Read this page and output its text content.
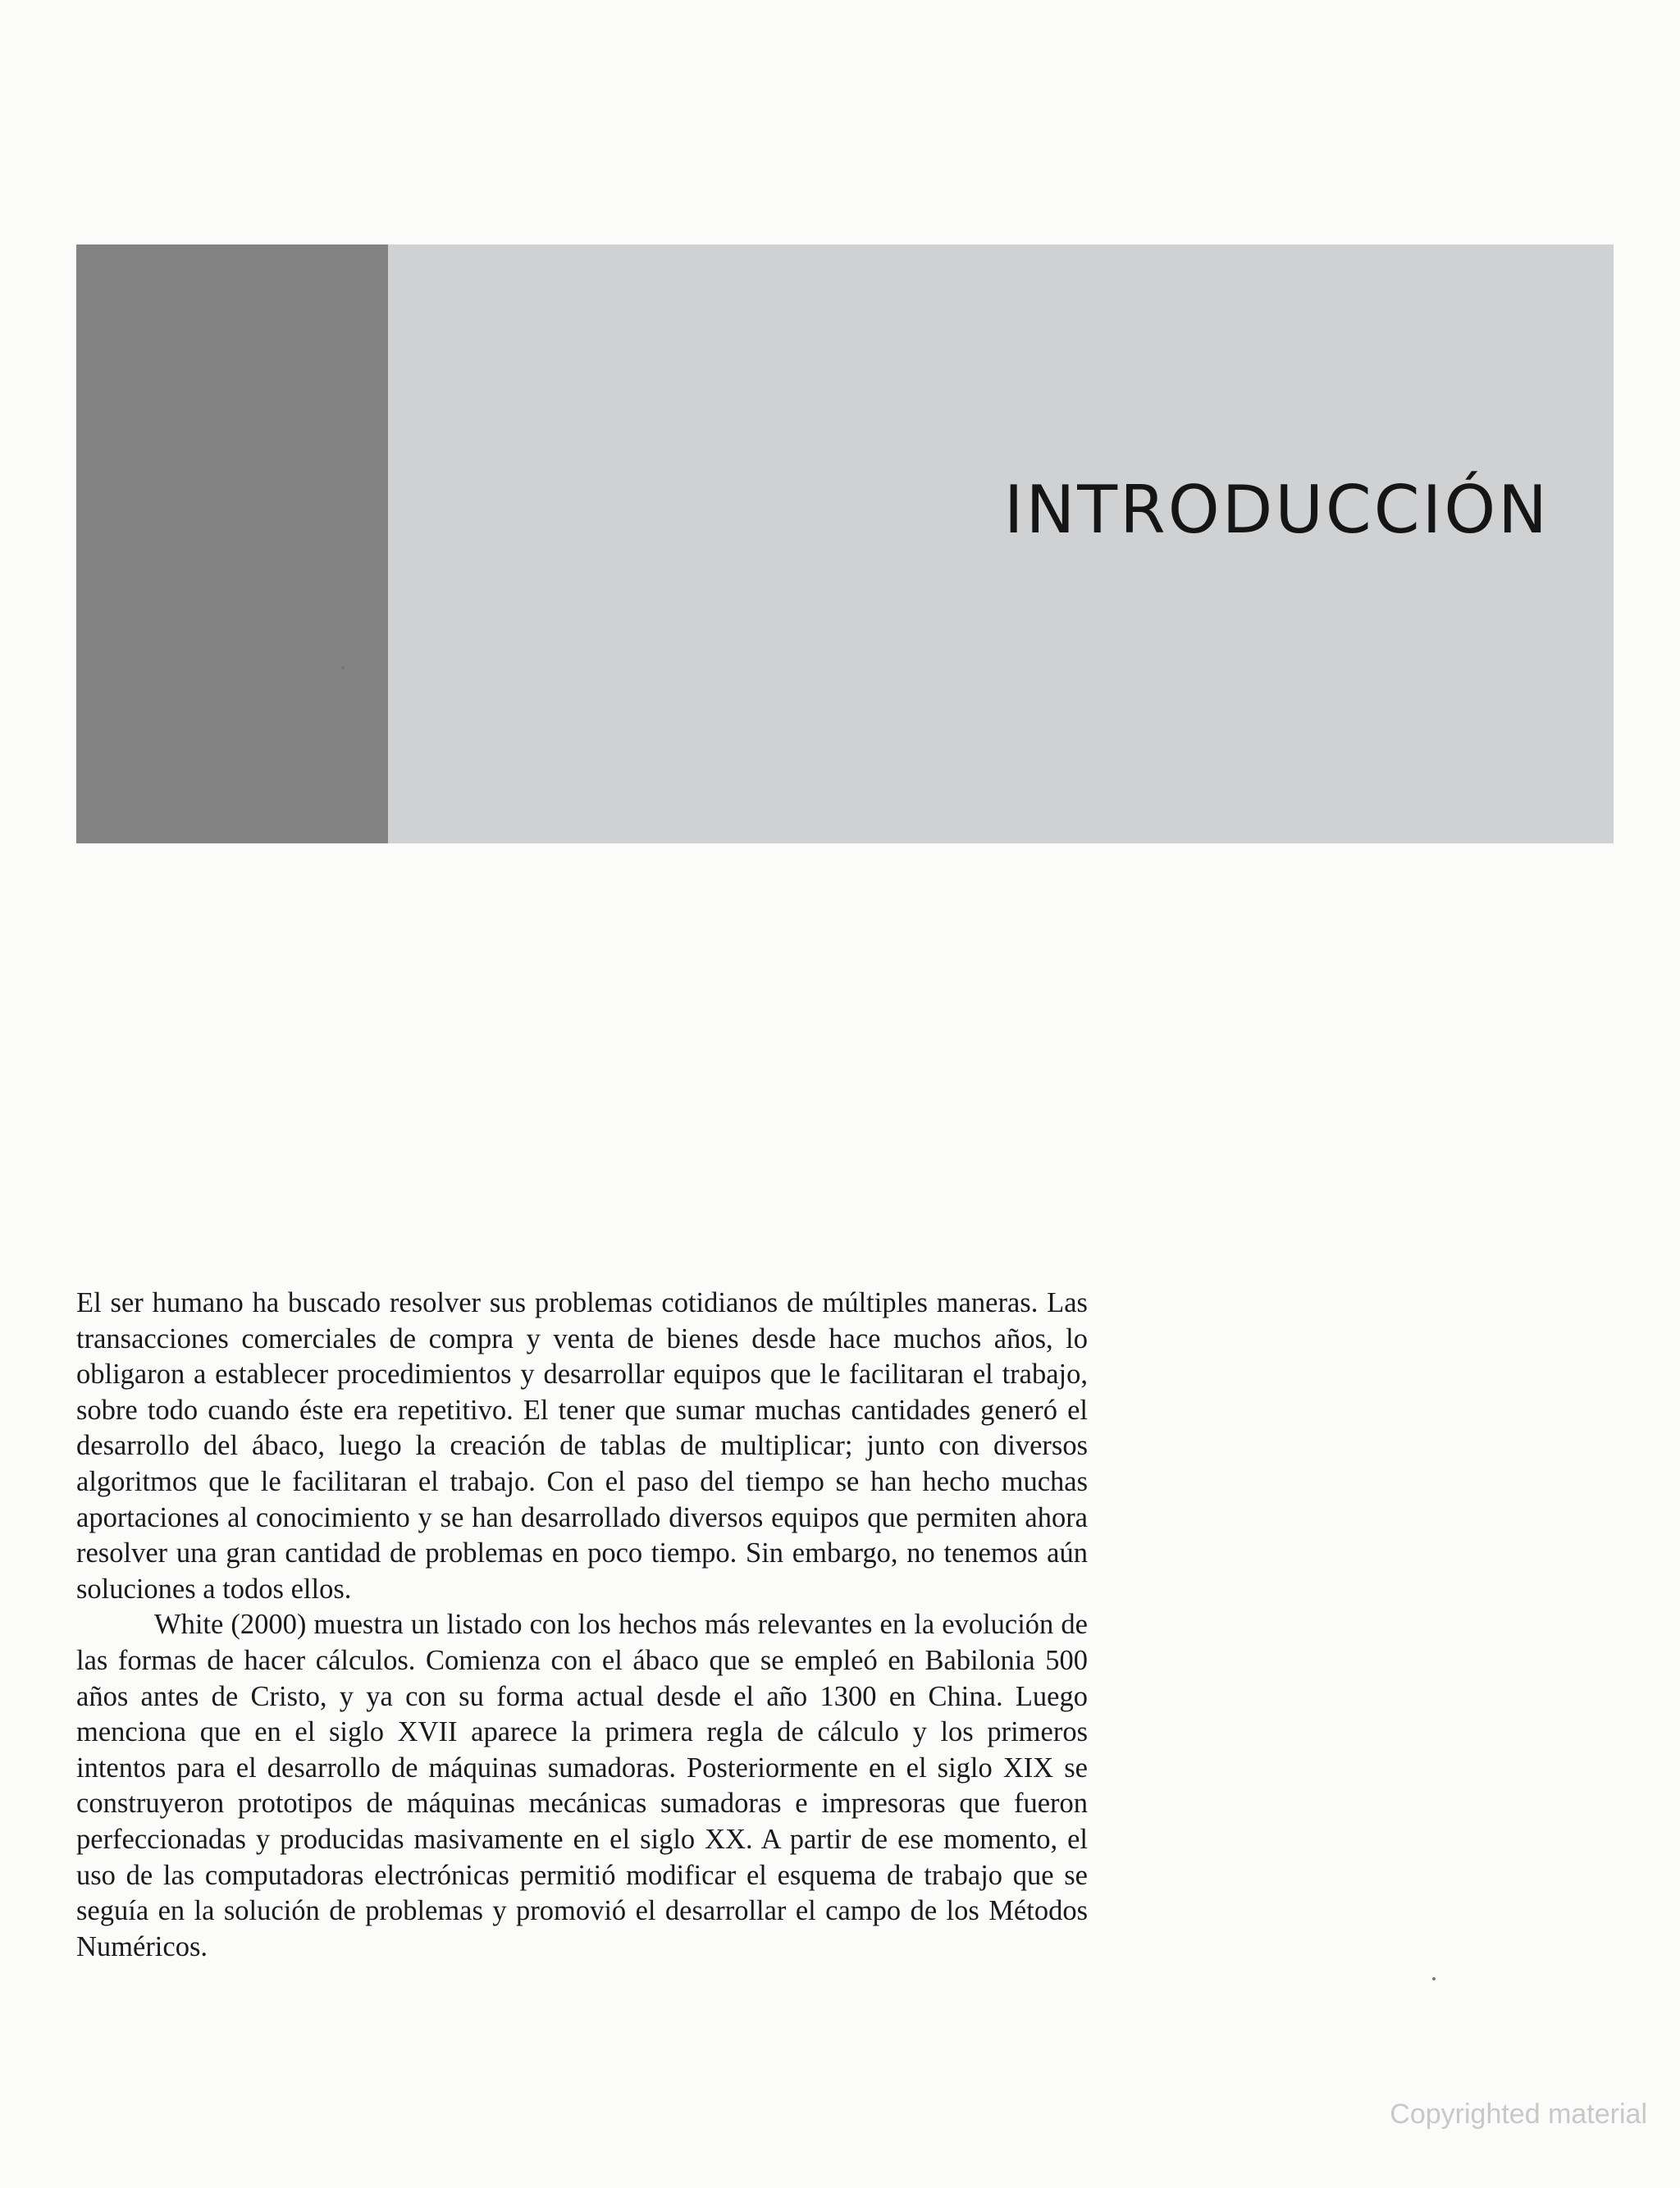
INTRODUCCIÓN

El ser humano ha buscado resolver sus problemas cotidianos de múltiples maneras. Las transacciones comerciales de compra y venta de bienes desde hace muchos años, lo obligaron a establecer procedimientos y desarrollar equipos que le facilitaran el trabajo, sobre todo cuando éste era repetitivo. El tener que sumar muchas cantidades generó el desarrollo del ábaco, luego la creación de tablas de multiplicar; junto con diversos algoritmos que le facilitaran el trabajo. Con el paso del tiempo se han hecho muchas aportaciones al conocimiento y se han desarrollado diversos equipos que permiten ahora resolver una gran cantidad de problemas en poco tiempo. Sin embargo, no tenemos aún soluciones a todos ellos.

White (2000) muestra un listado con los hechos más relevantes en la evolución de las formas de hacer cálculos. Comienza con el ábaco que se empleó en Babilonia 500 años antes de Cristo, y ya con su forma actual desde el año 1300 en China. Luego menciona que en el siglo XVII aparece la primera regla de cálculo y los primeros intentos para el desarrollo de máquinas sumadoras. Posteriormente en el siglo XIX se construyeron prototipos de máquinas mecánicas sumadoras e impresoras que fueron perfeccionadas y producidas masivamente en el siglo XX. A partir de ese momento, el uso de las computadoras electrónicas permitió modificar el esquema de trabajo que se seguía en la solución de problemas y promovió el desarrollar el campo de los Métodos Numéricos.

Copyrighted material
